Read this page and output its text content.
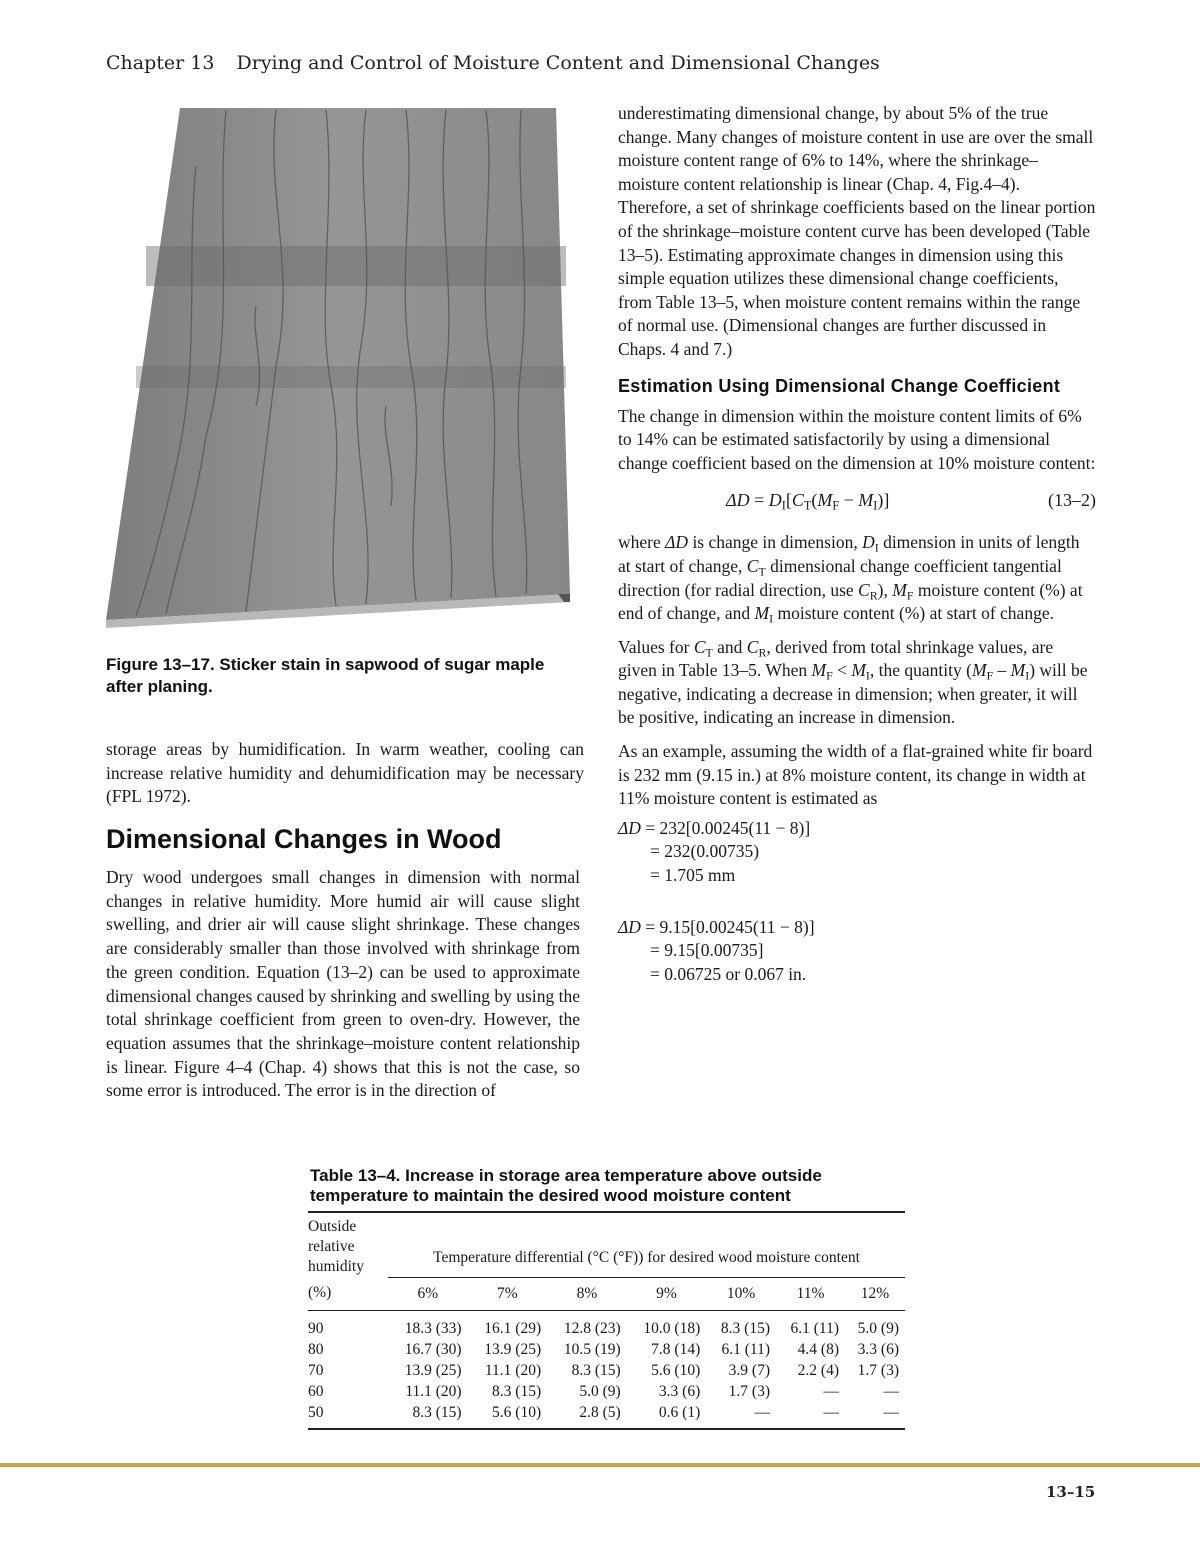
Chapter 13 Drying and Control of Moisture Content and Dimensional Changes
Figure 13–17. Sticker stain in sapwood of sugar maple after planing.

storage areas by humidification. In warm weather, cooling can increase relative humidity and dehumidification may be necessary (FPL 1972).

Dimensional Changes in Wood

Dry wood undergoes small changes in dimension with normal changes in relative humidity. More humid air will cause slight swelling, and drier air will cause slight shrinkage. These changes are considerably smaller than those involved with shrinkage from the green condition. Equation (13–2) can be used to approximate dimensional changes caused by shrinking and swelling by using the total shrinkage coefficient from green to oven-dry. However, the equation assumes that the shrinkage–moisture content relationship is linear. Figure 4–4 (Chap. 4) shows that this is not the case, so some error is introduced. The error is in the direction of

underestimating dimensional change, by about 5% of the true change. Many changes of moisture content in use are over the small moisture content range of 6% to 14%, where the shrinkage–moisture content relationship is linear (Chap. 4, Fig.4–4). Therefore, a set of shrinkage coefficients based on the linear portion of the shrinkage–moisture content curve has been developed (Table 13–5). Estimating approximate changes in dimension using this simple equation utilizes these dimensional change coefficients, from Table 13–5, when moisture content remains within the range of normal use. (Dimensional changes are further discussed in Chaps. 4 and 7.)

Estimation Using Dimensional Change Coefficient

The change in dimension within the moisture content limits of 6% to 14% can be estimated satisfactorily by using a dimensional change coefficient based on the dimension at 10% moisture content:

$\Delta D = D_I[C_T(M_F - M_I)]$	(13–2)

where ΔD is change in dimension, $D_I$ dimension in units of length at start of change, $C_T$ dimensional change coefficient tangential direction (for radial direction, use $C_R$), $M_F$ moisture content (%) at end of change, and $M_I$ moisture content (%) at start of change.

Values for $C_T$ and $C_R$, derived from total shrinkage values, are given in Table 13–5. When $M_F < M_I$, the quantity $(M_F - M_I)$ will be negative, indicating a decrease in dimension; when greater, it will be positive, indicating an increase in dimension.

As an example, assuming the width of a flat-grained white fir board is 232 mm (9.15 in.) at 8% moisture content, its change in width at 11% moisture content is estimated as

ΔD = 232[0.00245(11 − 8)]
= 232(0.00735)
= 1.705 mm
ΔD = 9.15[0.00245(11 − 8)]
= 9.15[0.00735]
= 0.06725 or 0.067 in.
Table 13–4. Increase in storage area temperature above outside temperature to maintain the desired wood moisture content
Outside relative humidity	Temperature differential (°C (°F)) for desired wood moisture content						
(%)	6%	7%	8%	9%	10%	11%	12%
90	18.3 (33)	16.1 (29)	12.8 (23)	10.0 (18)	8.3 (15)	6.1 (11)	5.0 (9)
80	16.7 (30)	13.9 (25)	10.5 (19)	7.8 (14)	6.1 (11)	4.4 (8)	3.3 (6)
70	13.9 (25)	11.1 (20)	8.3 (15)	5.6 (10)	3.9 (7)	2.2 (4)	1.7 (3)
60	11.1 (20)	8.3 (15)	5.0 (9)	3.3 (6)	1.7 (3)	—	—
50	8.3 (15)	5.6 (10)	2.8 (5)	0.6 (1)	—	—	—
13–15
